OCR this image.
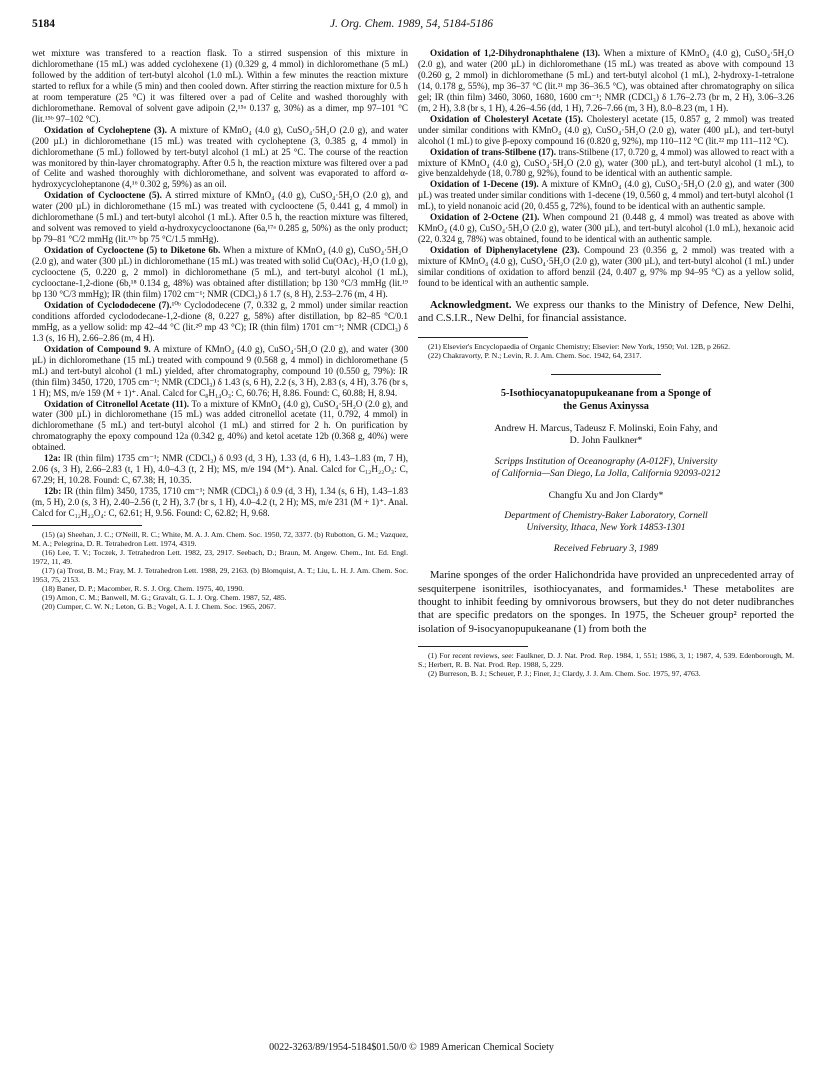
5184	J. Org. Chem. 1989, 54, 5184-5186

wet mixture was transfered to a reaction flask. To a stirred suspension of this mixture in dichloromethane (15 mL) was added cyclohexene (1) (0.329 g, 4 mmol) in dichloromethane (5 mL) followed by the addition of tert-butyl alcohol (1.0 mL). Within a few minutes the reaction mixture started to reflux for a while (5 min) and then cooled down. After stirring the reaction mixture for 0.5 h at room temperature (25 °C) it was filtered over a pad of Celite and washed thoroughly with dichloromethane. Removal of solvent gave adipoin (2,¹⁵ᵃ 0.137 g, 30%) as a dimer, mp 97–101 °C (lit.¹⁵ᵇ 97–102 °C).

Oxidation of Cycloheptene (3). A mixture of KMnO₄ (4.0 g), CuSO₄·5H₂O (2.0 g), and water (200 µL) in dichloromethane (15 mL) was treated with cycloheptene (3, 0.385 g, 4 mmol) in dichloromethane (5 mL) followed by tert-butyl alcohol (1 mL) at 25 °C. The course of the reaction was monitored by thin-layer chromatography. After 0.5 h, the reaction mixture was filtered over a pad of Celite and washed thoroughly with dichloromethane, and solvent was evaporated to afford α-hydroxycycloheptanone (4,¹⁶ 0.302 g, 59%) as an oil.

Oxidation of Cyclooctene (5). A stirred mixture of KMnO₄ (4.0 g), CuSO₄·5H₂O (2.0 g), and water (200 µL) in dichloromethane (15 mL) was treated with cyclooctene (5, 0.441 g, 4 mmol) in dichloromethane (5 mL) and tert-butyl alcohol (1 mL). After 0.5 h, the reaction mixture was filtered, and solvent was removed to yield α-hydroxycyclooctanone (6a,¹⁷ᵃ 0.285 g, 50%) as the only product; bp 79–81 °C/2 mmHg (lit.¹⁷ᵇ bp 75 °C/1.5 mmHg).

Oxidation of Cyclooctene (5) to Diketone 6b. When a mixture of KMnO₄ (4.0 g), CuSO₄·5H₂O (2.0 g), and water (300 µL) in dichloromethane (15 mL) was treated with solid Cu(OAc)₂·H₂O (1.0 g), cyclooctene (5, 0.220 g, 2 mmol) in dichloromethane (5 mL), and tert-butyl alcohol (1 mL), cyclooctane-1,2-dione (6b,¹⁸ 0.134 g, 48%) was obtained after distillation; bp 130 °C/3 mmHg (lit.¹⁹ bp 130 °C/3 mmHg); IR (thin film) 1702 cm⁻¹; NMR (CDCl₃) δ 1.7 (s, 8 H), 2.53–2.76 (m, 4 H).

Oxidation of Cyclododecene (7).¹⁰ᵇ Cyclododecene (7, 0.332 g, 2 mmol) under similar reaction conditions afforded cyclododecane-1,2-dione (8, 0.227 g, 58%) after distillation, bp 82–85 °C/0.1 mmHg, as a yellow solid: mp 42–44 °C (lit.²⁰ mp 43 °C); IR (thin film) 1701 cm⁻¹; NMR (CDCl₃) δ 1.3 (s, 16 H), 2.66–2.86 (m, 4 H).

Oxidation of Compound 9. A mixture of KMnO₄ (4.0 g), CuSO₄·5H₂O (2.0 g), and water (300 µL) in dichloromethane (15 mL) treated with compound 9 (0.568 g, 4 mmol) in dichloromethane (5 mL) and tert-butyl alcohol (1 mL) yielded, after chromatography, compound 10 (0.550 g, 79%): IR (thin film) 3450, 1720, 1705 cm⁻¹; NMR (CDCl₃) δ 1.43 (s, 6 H), 2.2 (s, 3 H), 2.83 (s, 4 H), 3.76 (br s, 1 H); MS, m/e 159 (M + 1)⁺. Anal. Calcd for C₈H₁₄O₃: C, 60.76; H, 8.86. Found: C, 60.88; H, 8.94.

Oxidation of Citronellol Acetate (11). To a mixture of KMnO₄ (4.0 g), CuSO₄·5H₂O (2.0 g), and water (300 µL) in dichloromethane (15 mL) was added citronellol acetate (11, 0.792, 4 mmol) in dichloromethane (5 mL) and tert-butyl alcohol (1 mL) and stirred for 2 h. On purification by chromatography the epoxy compound 12a (0.342 g, 40%) and ketol acetate 12b (0.368 g, 40%) were obtained.

12a: IR (thin film) 1735 cm⁻¹; NMR (CDCl₃) δ 0.93 (d, 3 H), 1.33 (d, 6 H), 1.43–1.83 (m, 7 H), 2.06 (s, 3 H), 2.66–2.83 (t, 1 H), 4.0–4.3 (t, 2 H); MS, m/e 194 (M⁺). Anal. Calcd for C₁₂H₂₂O₃: C, 67.29; H, 10.28. Found: C, 67.38; H, 10.35.

12b: IR (thin film) 3450, 1735, 1710 cm⁻¹; NMR (CDCl₃) δ 0.9 (d, 3 H), 1.34 (s, 6 H), 1.43–1.83 (m, 5 H), 2.0 (s, 3 H), 2.40–2.56 (t, 2 H), 3.7 (br s, 1 H), 4.0–4.2 (t, 2 H); MS, m/e 231 (M + 1)⁺. Anal. Calcd for C₁₂H₂₂O₄: C, 62.61; H, 9.56. Found: C, 62.82; H, 9.68.

(15) (a) Sheehan, J. C.; O'Neill, R. C.; White, M. A. J. Am. Chem. Soc. 1950, 72, 3377. (b) Rubotton, G. M.; Vazquez, M. A.; Pelegrina, D. R. Tetrahedron Lett. 1974, 4319.

(16) Lee, T. V.; Toczek, J. Tetrahedron Lett. 1982, 23, 2917. Seebach, D.; Braun, M. Angew. Chem., Int. Ed. Engl. 1972, 11, 49.

(17) (a) Trost, B. M.; Fray, M. J. Tetrahedron Lett. 1988, 29, 2163. (b) Blomquist, A. T.; Liu, L. H. J. Am. Chem. Soc. 1953, 75, 2153.

(18) Baner, D. P.; Macomber, R. S. J. Org. Chem. 1975, 40, 1990.

(19) Amon, C. M.; Banwell, M. G.; Gravalt, G. L. J. Org. Chem. 1987, 52, 485.

(20) Cumper, C. W. N.; Leton, G. B.; Vogel, A. I. J. Chem. Soc. 1965, 2067.

Oxidation of 1,2-Dihydronaphthalene (13). When a mixture of KMnO₄ (4.0 g), CuSO₄·5H₂O (2.0 g), and water (200 µL) in dichloromethane (15 mL) was treated as above with compound 13 (0.260 g, 2 mmol) in dichloromethane (5 mL) and tert-butyl alcohol (1 mL), 2-hydroxy-1-tetralone (14, 0.178 g, 55%), mp 36–37 °C (lit.²¹ mp 36–36.5 °C), was obtained after chromatography on silica gel; IR (thin film) 3460, 3060, 1680, 1600 cm⁻¹; NMR (CDCl₃) δ 1.76–2.73 (br m, 2 H), 3.06–3.26 (m, 2 H), 3.8 (br s, 1 H), 4.26–4.56 (dd, 1 H), 7.26–7.66 (m, 3 H), 8.0–8.23 (m, 1 H).

Oxidation of Cholesteryl Acetate (15). Cholesteryl acetate (15, 0.857 g, 2 mmol) was treated under similar conditions with KMnO₄ (4.0 g), CuSO₄·5H₂O (2.0 g), water (400 µL), and tert-butyl alcohol (1 mL) to give β-epoxy compound 16 (0.820 g, 92%), mp 110–112 °C (lit.²² mp 111–112 °C).

Oxidation of trans-Stilbene (17). trans-Stilbene (17, 0.720 g, 4 mmol) was allowed to react with a mixture of KMnO₄ (4.0 g), CuSO₄·5H₂O (2.0 g), water (300 µL), and tert-butyl alcohol (1 mL), to give benzaldehyde (18, 0.780 g, 92%), found to be identical with an authentic sample.

Oxidation of 1-Decene (19). A mixture of KMnO₄ (4.0 g), CuSO₄·5H₂O (2.0 g), and water (300 µL) was treated under similar conditions with 1-decene (19, 0.560 g, 4 mmol) and tert-butyl alcohol (1 mL), to yield nonanoic acid (20, 0.455 g, 72%), found to be identical with an authentic sample.

Oxidation of 2-Octene (21). When compound 21 (0.448 g, 4 mmol) was treated as above with KMnO₄ (4.0 g), CuSO₄·5H₂O (2.0 g), water (300 µL), and tert-butyl alcohol (1.0 mL), hexanoic acid (22, 0.324 g, 78%) was obtained, found to be identical with an authentic sample.

Oxidation of Diphenylacetylene (23). Compound 23 (0.356 g, 2 mmol) was treated with a mixture of KMnO₄ (4.0 g), CuSO₄·5H₂O (2.0 g), water (300 µL), and tert-butyl alcohol (1 mL) under similar conditions of oxidation to afford benzil (24, 0.407 g, 97% mp 94–95 °C) as a yellow solid, found to be identical with an authentic sample.

Acknowledgment. We express our thanks to the Ministry of Defence, New Delhi, and C.S.I.R., New Delhi, for financial assistance.

(21) Elsevier's Encyclopaedia of Organic Chemistry; Elsevier: New York, 1950; Vol. 12B, p 2662.

(22) Chakravorty, P. N.; Levin, R. J. Am. Chem. Soc. 1942, 64, 2317.

5-Isothiocyanatopupukeanane from a Sponge of
the Genus Axinyssa
Andrew H. Marcus, Tadeusz F. Molinski, Eoin Fahy, and
D. John Faulkner*
Scripps Institution of Oceanography (A-012F), University
of California—San Diego, La Jolla, California 92093-0212
Changfu Xu and Jon Clardy*
Department of Chemistry-Baker Laboratory, Cornell
University, Ithaca, New York 14853-1301
Received February 3, 1989

Marine sponges of the order Halichondrida have provided an unprecedented array of sesquiterpene isonitriles, isothiocyanates, and formamides.¹ These metabolites are thought to inhibit feeding by omnivorous browsers, but they do not deter nudibranches that are specific predators on the sponges. In 1975, the Scheuer group² reported the isolation of 9-isocyanopupukeanane (1) from both the

(1) For recent reviews, see: Faulkner, D. J. Nat. Prod. Rep. 1984, 1, 551; 1986, 3, 1; 1987, 4, 539. Edenborough, M. S.; Herbert, R. B. Nat. Prod. Rep. 1988, 5, 229.

(2) Burreson, B. J.; Scheuer, P. J.; Finer, J.; Clardy, J. J. Am. Chem. Soc. 1975, 97, 4763.

0022-3263/89/1954-5184$01.50/0 © 1989 American Chemical Society
